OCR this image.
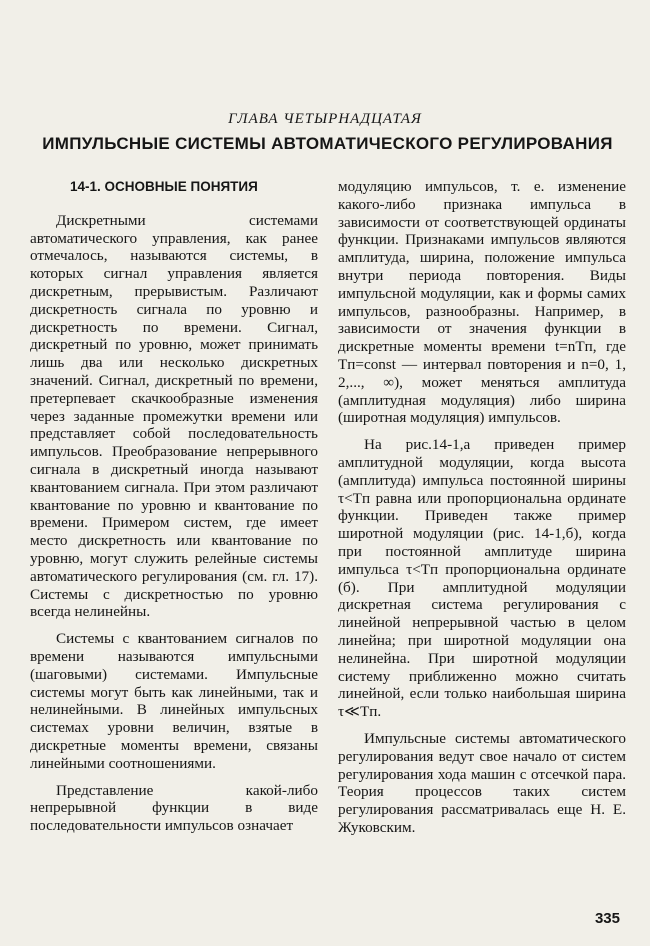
ГЛАВА ЧЕТЫРНАДЦАТАЯ
ИМПУЛЬСНЫЕ СИСТЕМЫ АВТОМАТИЧЕСКОГО РЕГУЛИРОВАНИЯ

14-1. ОСНОВНЫЕ ПОНЯТИЯ

Дискретными системами автоматического управления, как ранее отмечалось, называются системы, в которых сигнал управления является дискретным, прерывистым. Различают дискретность сигнала по уровню и дискретность по времени. Сигнал, дискретный по уровню, может принимать лишь два или несколько дискретных значений. Сигнал, дискретный по времени, претерпевает скачкообразные изменения через заданные промежутки времени или представляет собой последовательность импульсов. Преобразование непрерывного сигнала в дискретный иногда называют квантованием сигнала. При этом различают квантование по уровню и квантование по времени. Примером систем, где имеет место дискретность или квантование по уровню, могут служить релейные системы автоматического регулирования (см. гл. 17). Системы с дискретностью по уровню всегда нелинейны.

Системы с квантованием сигналов по времени называются импульсными (шаговыми) системами. Импульсные системы могут быть как линейными, так и нелинейными. В линейных импульсных системах уровни величин, взятые в дискретные моменты времени, связаны линейными соотношениями.

Представление какой-либо непрерывной функции в виде последовательности импульсов означает

модуляцию импульсов, т. е. изменение какого-либо признака импульса в зависимости от соответствующей ординаты функции. Признаками импульсов являются амплитуда, ширина, положение импульса внутри периода повторения. Виды импульсной модуляции, как и формы самих импульсов, разнообразны. Например, в зависимости от значения функции в дискретные моменты времени t=nTп, где Tп=const — интервал повторения и n=0, 1, 2,..., ∞), может меняться амплитуда (амплитудная модуляция) либо ширина (широтная модуляция) импульсов.

На рис.14-1,а приведен пример амплитудной модуляции, когда высота (амплитуда) импульса постоянной ширины τ<Tп равна или пропорциональна ординате функции. Приведен также пример широтной модуляции (рис. 14-1,б), когда при постоянной амплитуде ширина импульса τ<Tп пропорциональна ординате (б). При амплитудной модуляции дискретная система регулирования с линейной непрерывной частью в целом линейна; при широтной модуляции она нелинейна. При широтной модуляции систему приближенно можно считать линейной, если только наибольшая ширина τ≪Tп.

Импульсные системы автоматического регулирования ведут свое начало от систем регулирования хода машин с отсечкой пара. Теория процессов таких систем регулирования рассматривалась еще Н. Е. Жуковским.

335
